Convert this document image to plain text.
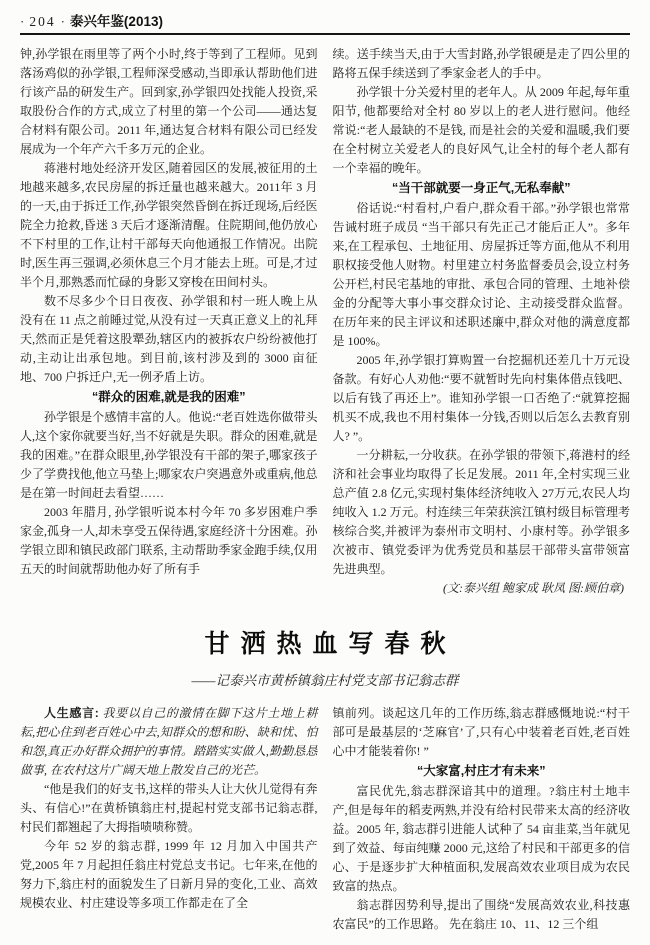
· 204 · 泰兴年鉴(2013)

钟,孙学银在雨里等了两个小时,终于等到了工程师。见到落汤鸡似的孙学银,工程师深受感动,当即承认帮助他们进行该产品的研发生产。回到家,孙学银四处找能人投资,采取股份合作的方式,成立了村里的第一个公司——通达复合材料有限公司。2011 年,通达复合材料有限公司已经发展成为一个年产六千多万元的企业。

蒋港村地处经济开发区,随着园区的发展,被征用的土地越来越多,农民房屋的拆迁量也越来越大。2011年 3 月的一天,由于拆迁工作,孙学银突然昏倒在拆迁现场,后经医院全力抢救,昏迷 3 天后才逐渐清醒。住院期间,他仍放心不下村里的工作,让村干部每天向他通报工作情况。出院时,医生再三强调,必须休息三个月才能去上班。可是,才过半个月,那熟悉而忙碌的身影又穿梭在田间村头。

数不尽多少个日日夜夜、孙学银和村一班人晚上从没有在 11 点之前睡过觉,从没有过一天真正意义上的礼拜天,然而正是凭着这股犟劲,辖区内的被拆农户纷纷被他打动,主动让出承包地。到目前,该村涉及到的 3000 亩征地、700 户拆迁户,无一例矛盾上访。

“群众的困难,就是我的困难”

孙学银是个感情丰富的人。他说:“老百姓选你做带头人,这个家你就要当好,当不好就是失职。群众的困难,就是我的困难。”在群众眼里,孙学银没有干部的架子,哪家孩子少了学费找他,他立马垫上;哪家农户突遇意外或重病,他总是在第一时间赶去看望……

2003 年腊月, 孙学银听说本村今年 70 多岁困难户季家金,孤身一人,却未享受五保待遇,家庭经济十分困难。孙学银立即和镇民政部门联系, 主动帮助季家金跑手续,仅用五天的时间就帮助他办好了所有手

续。送手续当天,由于大雪封路,孙学银硬是走了四公里的路将五保手续送到了季家金老人的手中。

孙学银十分关爱村里的老年人。从 2009 年起,每年重阳节, 他都要给对全村 80 岁以上的老人进行慰问。他经常说:“老人最缺的不是钱, 而是社会的关爱和温暖,我们要在全村树立关爱老人的良好风气,让全村的每个老人都有一个幸福的晚年。

“当干部就要一身正气,无私奉献”

俗话说:“村看村,户看户,群众看干部。”孙学银也常常告诫村班子成员 “当干部只有先正己才能后正人”。多年来,在工程承包、土地征用、房屋拆迁等方面,他从不利用职权接受他人财物。村里建立村务监督委员会,设立村务公开栏,村民宅基地的审批、承包合同的管理、土地补偿金的分配等大事小事交群众讨论、主动接受群众监督。在历年来的民主评议和述职述廉中,群众对他的满意度都是 100%。

2005 年,孙学银打算购置一台挖掘机还差几十万元设备款。有好心人劝他:“要不就暂时先向村集体借点钱吧、以后有钱了再还上”。谁知孙学银一口否绝了:“就算挖掘机买不成,我也不用村集体一分钱,否则以后怎么去教育别人? ”。

一分耕耘,一分收获。在孙学银的带领下,蒋港村的经济和社会事业均取得了长足发展。2011 年,全村实现三业总产值 2.8 亿元,实现村集体经济纯收入 27万元,农民人均纯收入 1.2 万元。村连续三年荣获滨江镇村级目标管理考核综合奖,并被评为泰州市文明村、小康村等。孙学银多次被市、镇党委评为优秀党员和基层干部带头富带领富先进典型。

(文:泰兴组 鲍家成 耿凤 图:顾伯章)

甘洒热血写春秋
——记泰兴市黄桥镇翁庄村党支部书记翁志群

人生感言: 我要以自己的激情在脚下这片土地上耕耘,把心住到老百姓心中去,知群众的想和盼、缺和忧、怕和怨,真正办好群众拥护的事情。踏踏实实做人,勤勤恳恳做事, 在农村这片广阔天地上散发自己的光芒。

“他是我们的好支书,这样的带头人让大伙儿觉得有奔头、有信心!”在黄桥镇翁庄村,提起村党支部书记翁志群,村民们都翘起了大拇指啧啧称赞。

今年 52 岁的翁志群, 1999 年 12 月加入中国共产党,2005 年 7 月起担任翁庄村党总支书记。七年来,在他的努力下,翁庄村的面貌发生了日新月异的变化,工业、高效规模农业、村庄建设等多项工作都走在了全

镇前列。谈起这几年的工作历练,翁志群感慨地说:“村干部可是最基层的‘芝麻官’了,只有心中装着老百姓,老百姓心中才能装着你! ”

“大家富,村庄才有未来”

富民优先,翁志群深谙其中的道理。?翁庄村土地丰产,但是每年的稻麦两熟,并没有给村民带来太高的经济收益。2005 年, 翁志群引进能人试种了 54 亩韭菜,当年就见到了效益、每亩纯赚 2000 元,这给了村民和干部更多的信心、于是逐步扩大种植面积,发展高效农业项目成为农民致富的热点。

翁志群因势利导,提出了围绕“发展高效农业,科技惠农富民”的工作思路。 先在翁庄 10、11、12 三个组
